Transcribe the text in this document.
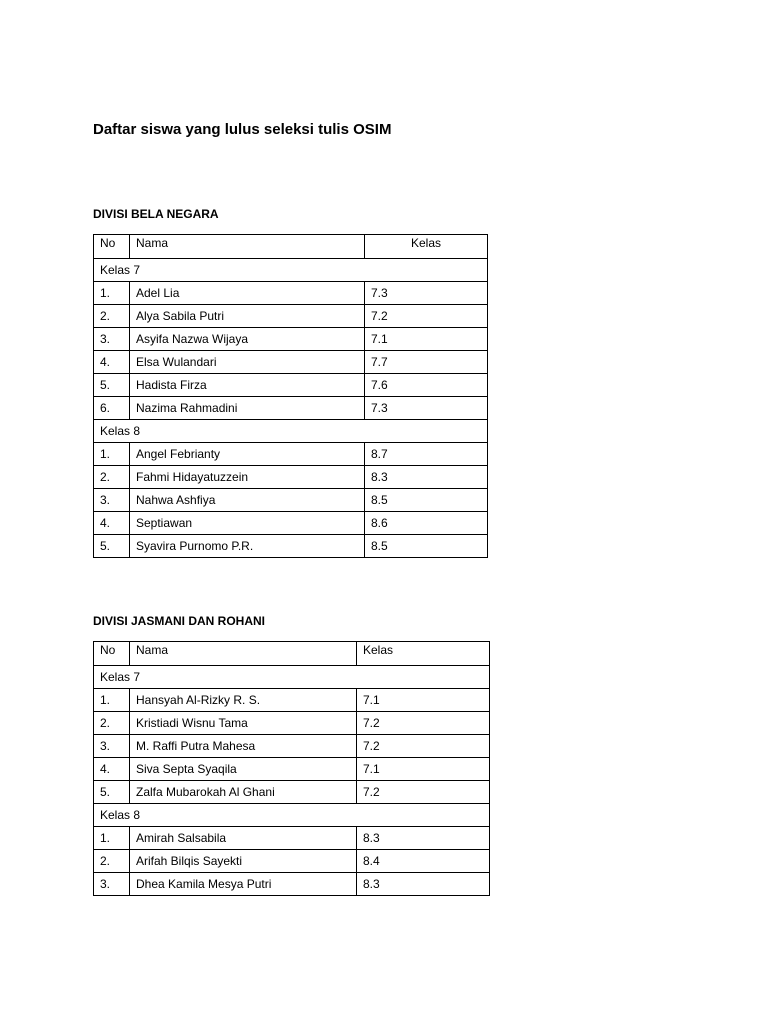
Daftar siswa yang lulus seleksi tulis OSIM
DIVISI BELA NEGARA
No	Nama	Kelas
Kelas 7		
1.	Adel Lia	7.3
2.	Alya Sabila Putri	7.2
3.	Asyifa Nazwa Wijaya	7.1
4.	Elsa Wulandari	7.7
5.	Hadista Firza	7.6
6.	Nazima Rahmadini	7.3
Kelas 8		
1.	Angel Febrianty	8.7
2.	Fahmi Hidayatuzzein	8.3
3.	Nahwa Ashfiya	8.5
4.	Septiawan	8.6
5.	Syavira Purnomo P.R.	8.5
DIVISI JASMANI DAN ROHANI
No	Nama	Kelas
Kelas 7		
1.	Hansyah Al-Rizky R. S.	7.1
2.	Kristiadi Wisnu Tama	7.2
3.	M. Raffi Putra Mahesa	7.2
4.	Siva Septa Syaqila	7.1
5.	Zalfa Mubarokah Al Ghani	7.2
Kelas 8		
1.	Amirah Salsabila	8.3
2.	Arifah Bilqis Sayekti	8.4
3.	Dhea Kamila Mesya Putri	8.3
